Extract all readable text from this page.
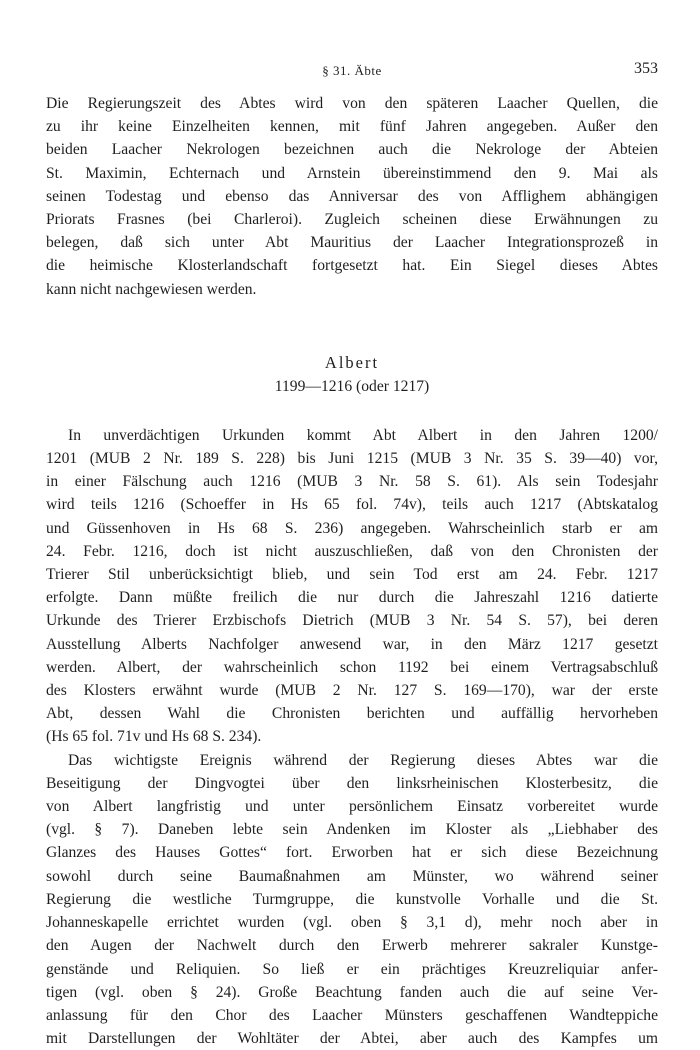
§ 31. Äbte	353

Die Regierungszeit des Abtes wird von den späteren Laacher Quellen, die
zu ihr keine Einzelheiten kennen, mit fünf Jahren angegeben. Außer den
beiden Laacher Nekrologen bezeichnen auch die Nekrologe der Abteien
St. Maximin, Echternach und Arnstein übereinstimmend den 9. Mai als
seinen Todestag und ebenso das Anniversar des von Afflighem abhängigen
Priorats Frasnes (bei Charleroi). Zugleich scheinen diese Erwähnungen zu
belegen, daß sich unter Abt Mauritius der Laacher Integrationsprozeß in
die heimische Klosterlandschaft fortgesetzt hat. Ein Siegel dieses Abtes
kann nicht nachgewiesen werden.

Albert
1199—1216 (oder 1217)

In unverdächtigen Urkunden kommt Abt Albert in den Jahren 1200/
1201 (MUB 2 Nr. 189 S. 228) bis Juni 1215 (MUB 3 Nr. 35 S. 39—40) vor,
in einer Fälschung auch 1216 (MUB 3 Nr. 58 S. 61). Als sein Todesjahr
wird teils 1216 (Schoeffer in Hs 65 fol. 74v), teils auch 1217 (Abtskatalog
und Güssenhoven in Hs 68 S. 236) angegeben. Wahrscheinlich starb er am
24. Febr. 1216, doch ist nicht auszuschließen, daß von den Chronisten der
Trierer Stil unberücksichtigt blieb, und sein Tod erst am 24. Febr. 1217
erfolgte. Dann müßte freilich die nur durch die Jahreszahl 1216 datierte
Urkunde des Trierer Erzbischofs Dietrich (MUB 3 Nr. 54 S. 57), bei deren
Ausstellung Alberts Nachfolger anwesend war, in den März 1217 gesetzt
werden. Albert, der wahrscheinlich schon 1192 bei einem Vertragsabschluß
des Klosters erwähnt wurde (MUB 2 Nr. 127 S. 169—170), war der erste
Abt, dessen Wahl die Chronisten berichten und auffällig hervorheben
(Hs 65 fol. 71v und Hs 68 S. 234).

Das wichtigste Ereignis während der Regierung dieses Abtes war die
Beseitigung der Dingvogtei über den linksrheinischen Klosterbesitz, die
von Albert langfristig und unter persönlichem Einsatz vorbereitet wurde
(vgl. § 7). Daneben lebte sein Andenken im Kloster als „Liebhaber des
Glanzes des Hauses Gottes“ fort. Erworben hat er sich diese Bezeichnung
sowohl durch seine Baumaßnahmen am Münster, wo während seiner
Regierung die westliche Turmgruppe, die kunstvolle Vorhalle und die St.
Johanneskapelle errichtet wurden (vgl. oben § 3,1 d), mehr noch aber in
den Augen der Nachwelt durch den Erwerb mehrerer sakraler Kunstge-
genstände und Reliquien. So ließ er ein prächtiges Kreuzreliquiar anfer-
tigen (vgl. oben § 24). Große Beachtung fanden auch die auf seine Ver-
anlassung für den Chor des Laacher Münsters geschaffenen Wandteppiche
mit Darstellungen der Wohltäter der Abtei, aber auch des Kampfes um
